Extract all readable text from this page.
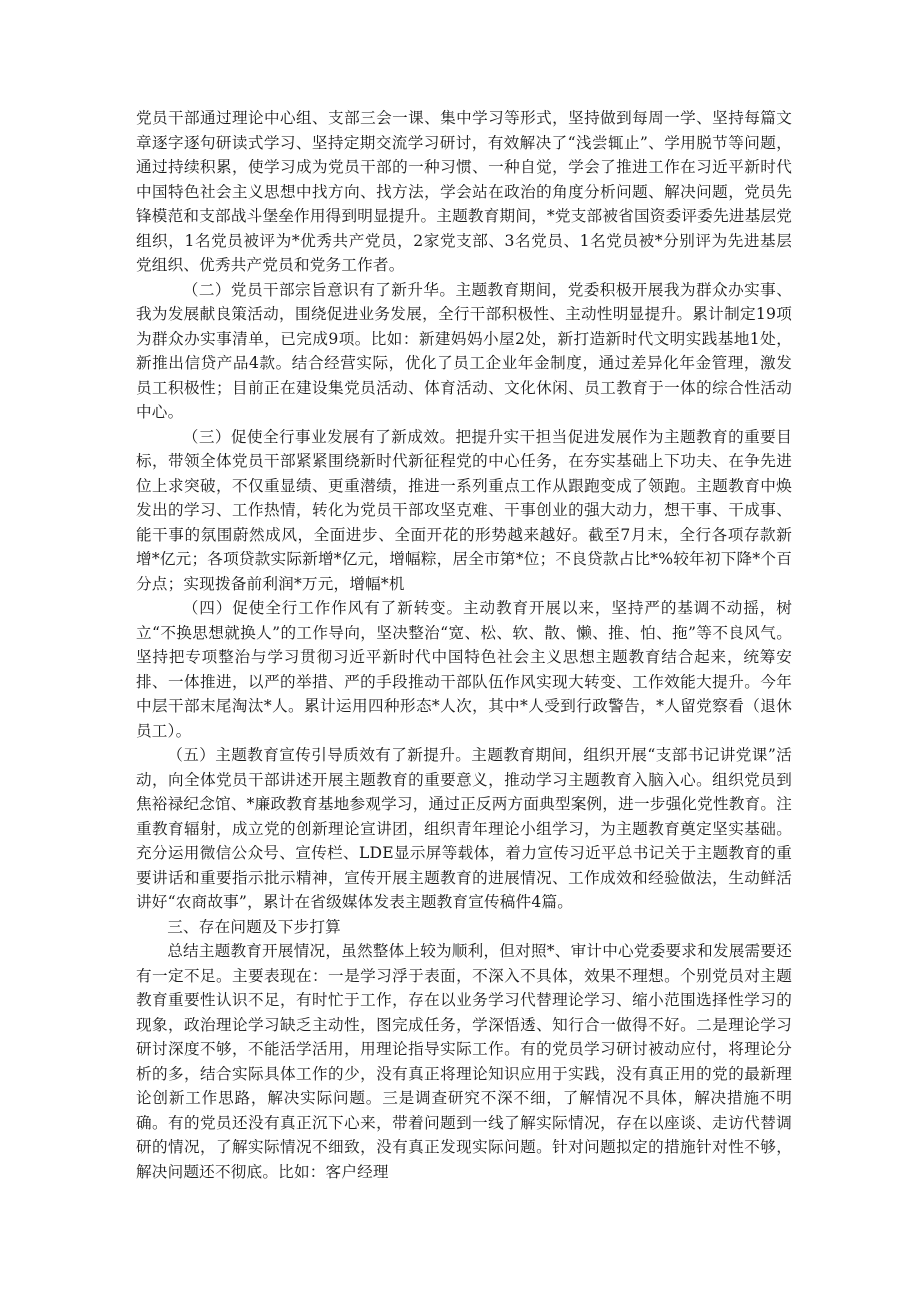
党员干部通过理论中心组、支部三会一课、集中学习等形式，坚持做到每周一学、坚持每篇文章逐字逐句研读式学习、坚持定期交流学习研讨，有效解决了“浅尝辄止”、学用脱节等问题，通过持续积累，使学习成为党员干部的一种习惯、一种自觉，学会了推进工作在习近平新时代中国特色社会主义思想中找方向、找方法，学会站在政治的角度分析问题、解决问题，党员先锋模范和支部战斗堡垒作用得到明显提升。主题教育期间，*党支部被省国资委评委先进基层党组织，1名党员被评为*优秀共产党员，2家党支部、3名党员、1名党员被*分别评为先进基层党组织、优秀共产党员和党务工作者。

（二）党员干部宗旨意识有了新升华。主题教育期间，党委积极开展我为群众办实事、我为发展献良策活动，围绕促进业务发展，全行干部积极性、主动性明显提升。累计制定19项为群众办实事清单，已完成9项。比如：新建妈妈小屋2处，新打造新时代文明实践基地1处，新推出信贷产品4款。结合经营实际，优化了员工企业年金制度，通过差异化年金管理，激发员工积极性；目前正在建设集党员活动、体育活动、文化休闲、员工教育于一体的综合性活动中心。

（三）促使全行事业发展有了新成效。把提升实干担当促进发展作为主题教育的重要目标，带领全体党员干部紧紧围绕新时代新征程党的中心任务，在夯实基础上下功夫、在争先进位上求突破，不仅重显绩、更重潜绩，推进一系列重点工作从跟跑变成了领跑。主题教育中焕发出的学习、工作热情，转化为党员干部攻坚克难、干事创业的强大动力，想干事、干成事、能干事的氛围蔚然成风，全面进步、全面开花的形势越来越好。截至7月末，全行各项存款新增*亿元；各项贷款实际新增*亿元，增幅粽，居全市第*位；不良贷款占比*%较年初下降*个百分点；实现拨备前利润*万元，增幅*机

（四）促使全行工作作风有了新转变。主动教育开展以来，坚持严的基调不动摇，树立“不换思想就换人”的工作导向，坚决整治“宽、松、软、散、懒、推、怕、拖”等不良风气。坚持把专项整治与学习贯彻习近平新时代中国特色社会主义思想主题教育结合起来，统筹安排、一体推进，以严的举措、严的手段推动干部队伍作风实现大转变、工作效能大提升。今年中层干部末尾淘汰*人。累计运用四种形态*人次，其中*人受到行政警告，*人留党察看（退休员工）。

（五）主题教育宣传引导质效有了新提升。主题教育期间，组织开展“支部书记讲党课”活动，向全体党员干部讲述开展主题教育的重要意义，推动学习主题教育入脑入心。组织党员到焦裕禄纪念馆、*廉政教育基地参观学习，通过正反两方面典型案例，进一步强化党性教育。注重教育辐射，成立党的创新理论宣讲团，组织青年理论小组学习，为主题教育奠定坚实基础。充分运用微信公众号、宣传栏、LDE显示屏等载体，着力宣传习近平总书记关于主题教育的重要讲话和重要指示批示精神，宣传开展主题教育的进展情况、工作成效和经验做法，生动鲜活讲好“农商故事”，累计在省级媒体发表主题教育宣传稿件4篇。

三、存在问题及下步打算

总结主题教育开展情况，虽然整体上较为顺利，但对照*、审计中心党委要求和发展需要还有一定不足。主要表现在：一是学习浮于表面，不深入不具体，效果不理想。个别党员对主题教育重要性认识不足，有时忙于工作，存在以业务学习代替理论学习、缩小范围选择性学习的现象，政治理论学习缺乏主动性，图完成任务，学深悟透、知行合一做得不好。二是理论学习研讨深度不够，不能活学活用，用理论指导实际工作。有的党员学习研讨被动应付，将理论分析的多，结合实际具体工作的少，没有真正将理论知识应用于实践，没有真正用的党的最新理论创新工作思路，解决实际问题。三是调查研究不深不细，了解情况不具体，解决措施不明确。有的党员还没有真正沉下心来，带着问题到一线了解实际情况，存在以座谈、走访代替调研的情况，了解实际情况不细致，没有真正发现实际问题。针对问题拟定的措施针对性不够，解决问题还不彻底。比如：客户经理
